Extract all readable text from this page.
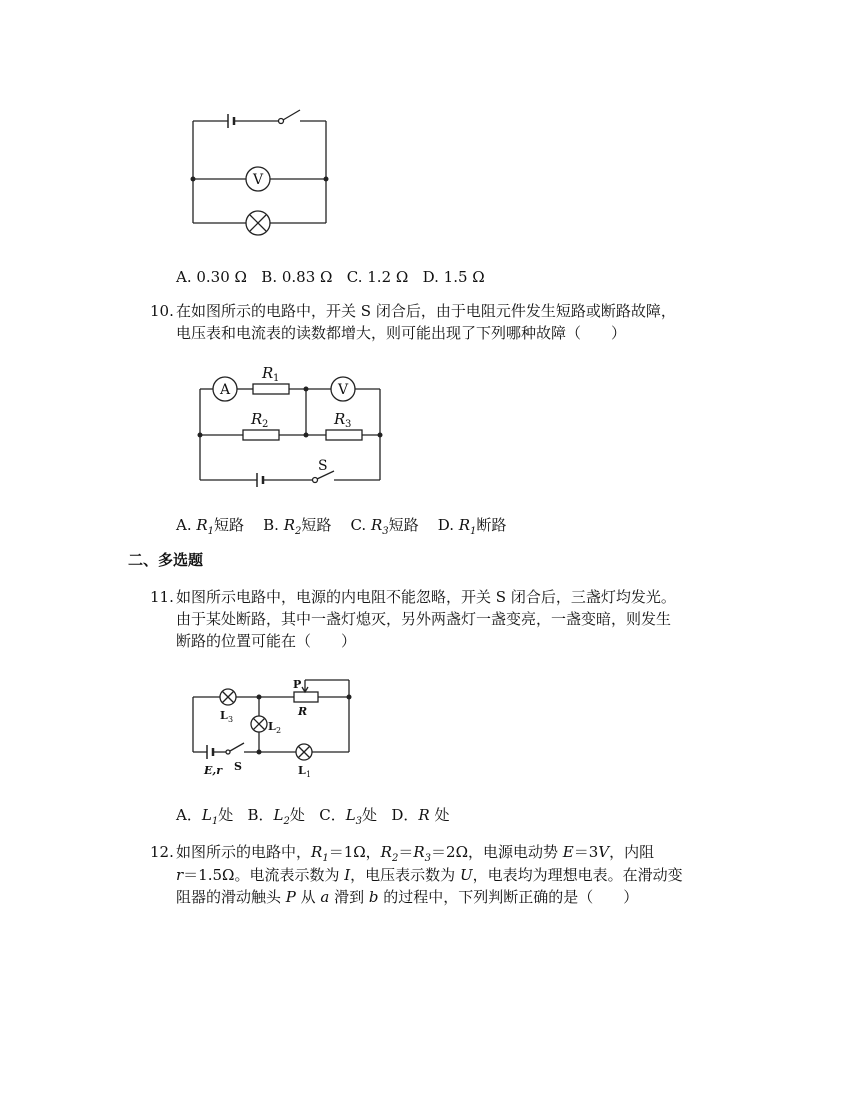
V
A. 0.30 Ω B. 0.83 Ω C. 1.2 Ω D. 1.5 Ω
10. 在如图所示的电路中，开关 S 闭合后，由于电阻元件发生短路或断路故障，
电压表和电流表的读数都增大，则可能出现了下列哪种故障（　　）
A
R 1
V
R 2	R 3
S
A. $R_1$短路 B. $R_2$短路 C. $R_3$短路 D. $R_1$断路
二、多选题
11. 如图所示电路中，电源的内电阻不能忽略，开关 S 闭合后，三盏灯均发光。
由于某处断路，其中一盏灯熄灭，另外两盏灯一盏变亮，一盏变暗，则发生
断路的位置可能在（　　）
L 3
P
R
L 2
E,r S	L 1
A．$L_1$处 B．$L_2$处 C．$L_3$处 D．R 处
12. 如图所示的电路中，$R_1=1\Omega$，$R_2=R_3=2\Omega$，电源电动势 E＝3V，内阻
r＝1.5Ω。电流表示数为 I，电压表示数为 U，电表均为理想电表。在滑动变
阻器的滑动触头 P 从 a 滑到 b 的过程中，下列判断正确的是（　　）
